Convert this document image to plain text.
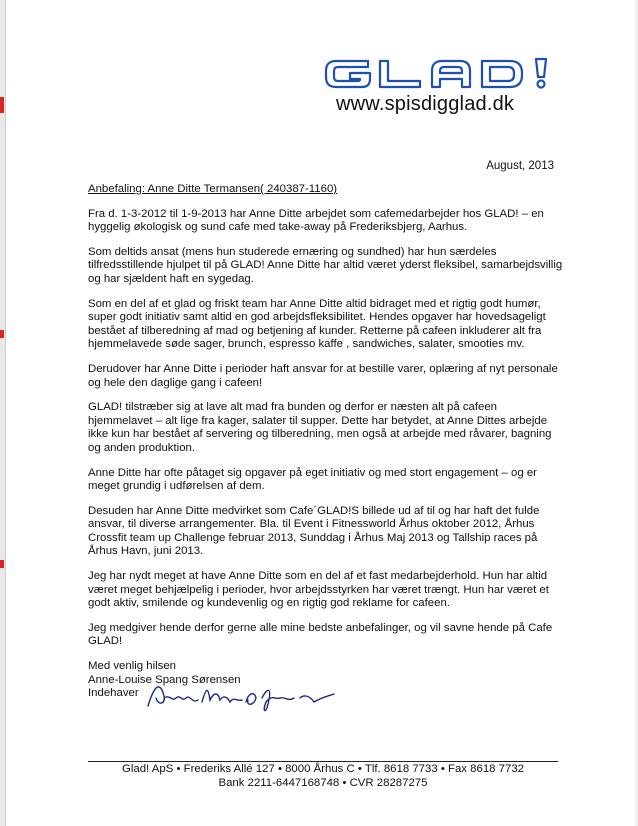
www.spisdigglad.dk
August, 2013

Anbefaling: Anne Ditte Termansen( 240387-1160)

Fra d. 1-3-2012 til 1-9-2013 har Anne Ditte arbejdet som cafemedarbejder hos GLAD! – en hyggelig økologisk og sund cafe med take-away på Frederiksbjerg, Aarhus.

Som deltids ansat (mens hun studerede ernæring og sundhed) har hun særdeles tilfredsstillende hjulpet til på GLAD! Anne Ditte har altid været yderst fleksibel, samarbejdsvillig og har sjældent haft en sygedag.

Som en del af et glad og friskt team har Anne Ditte altid bidraget med et rigtig godt humør, super godt initiativ samt altid en god arbejdsfleksibilitet. Hendes opgaver har hovedsageligt bestået af tilberedning af mad og betjening af kunder. Retterne på cafeen inkluderer alt fra hjemmelavede søde sager, brunch, espresso kaffe , sandwiches, salater, smooties mv.

Derudover har Anne Ditte i perioder haft ansvar for at bestille varer, oplæring af nyt personale og hele den daglige gang i cafeen!

GLAD! tilstræber sig at lave alt mad fra bunden og derfor er næsten alt på cafeen hjemmelavet – alt lige fra kager, salater til supper. Dette har betydet, at Anne Dittes arbejde ikke kun har bestået af servering og tilberedning, men også at arbejde med råvarer, bagning og anden produktion.

Anne Ditte har ofte påtaget sig opgaver på eget initiativ og med stort engagement – og er meget grundig i udførelsen af dem.

Desuden har Anne Ditte medvirket som Cafe´GLAD!S billede ud af til og har haft det fulde ansvar, til diverse arrangementer. Bla. til Event i Fitnessworld Århus oktober 2012, Århus Crossfit team up Challenge februar 2013, Sunddag i Århus Maj 2013 og Tallship races på Århus Havn, juni 2013.

Jeg har nydt meget at have Anne Ditte som en del af et fast medarbejderhold. Hun har altid været meget behjælpelig i perioder, hvor arbejdsstyrken har været trængt. Hun har været et godt aktiv, smilende og kundevenlig og en rigtig god reklame for cafeen.

Jeg medgiver hende derfor gerne alle mine bedste anbefalinger, og vil savne hende på Cafe GLAD!

Med venlig hilsen
Anne-Louise Spang Sørensen
Indehaver
Glad! ApS • Frederiks Allé 127 • 8000 Århus C • Tlf. 8618 7733 • Fax 8618 7732
Bank 2211-6447168748 • CVR 28287275
